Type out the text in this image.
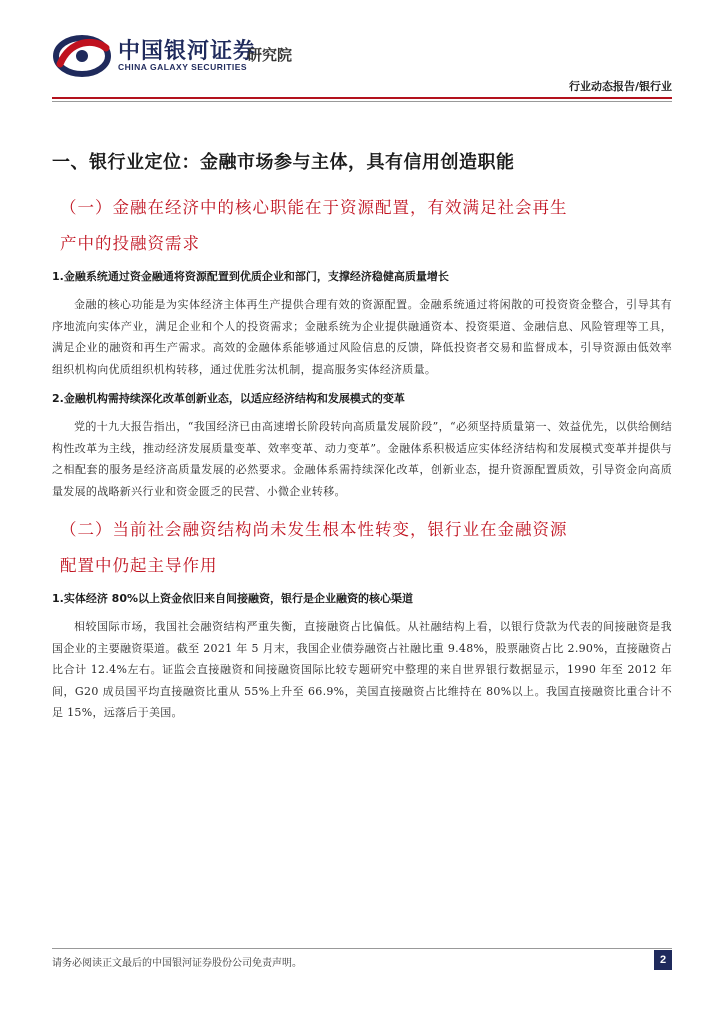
中国银河证券
CHINA GALAXY SECURITIES
研究院
行业动态报告/银行业
一、银行业定位：金融市场参与主体，具有信用创造职能
（一）金融在经济中的核心职能在于资源配置，有效满足社会再生
产中的投融资需求
1.金融系统通过资金融通将资源配置到优质企业和部门，支撑经济稳健高质量增长

金融的核心功能是为实体经济主体再生产提供合理有效的资源配置。金融系统通过将闲散的可投资资金整合，引导其有序地流向实体产业，满足企业和个人的投资需求；金融系统为企业提供融通资本、投资渠道、金融信息、风险管理等工具，满足企业的融资和再生产需求。高效的金融体系能够通过风险信息的反馈，降低投资者交易和监督成本，引导资源由低效率组织机构向优质组织机构转移，通过优胜劣汰机制，提高服务实体经济质量。

2.金融机构需持续深化改革创新业态，以适应经济结构和发展模式的变革

党的十九大报告指出，“我国经济已由高速增长阶段转向高质量发展阶段”，“必须坚持质量第一、效益优先，以供给侧结构性改革为主线，推动经济发展质量变革、效率变革、动力变革”。金融体系积极适应实体经济结构和发展模式变革并提供与之相配套的服务是经济高质量发展的必然要求。金融体系需持续深化改革，创新业态，提升资源配置质效，引导资金向高质量发展的战略新兴行业和资金匮乏的民营、小微企业转移。

（二）当前社会融资结构尚未发生根本性转变，银行业在金融资源
配置中仍起主导作用
1.实体经济 80%以上资金依旧来自间接融资，银行是企业融资的核心渠道

相较国际市场，我国社会融资结构严重失衡，直接融资占比偏低。从社融结构上看，以银行贷款为代表的间接融资是我国企业的主要融资渠道。截至 2021 年 5 月末，我国企业债券融资占社融比重 9.48%，股票融资占比 2.90%，直接融资占比合计 12.4%左右。证监会直接融资和间接融资国际比较专题研究中整理的来自世界银行数据显示，1990 年至 2012 年间，G20 成员国平均直接融资比重从 55%上升至 66.9%，美国直接融资占比维持在 80%以上。我国直接融资比重合计不足 15%，远落后于美国。

请务必阅读正文最后的中国银河证券股份公司免责声明。	2
